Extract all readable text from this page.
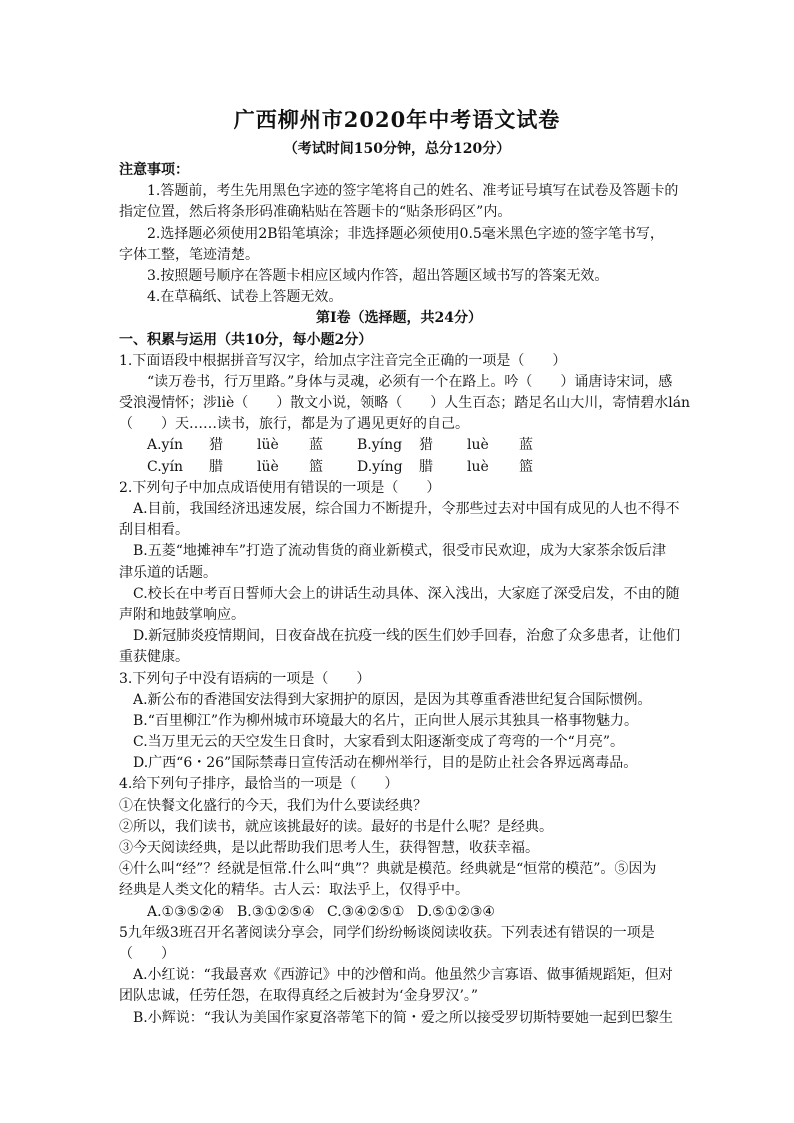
广西柳州市2020年中考语文试卷
（考试时间150分钟，总分120分）
注意事项：
1.答题前，考生先用黑色字迹的签字笔将自己的姓名、准考证号填写在试卷及答题卡的
指定位置，然后将条形码准确粘贴在答题卡的“贴条形码区”内。
2.选择题必须使用2B铅笔填涂；非选择题必须使用0.5毫米黑色字迹的签字笔书写，
字体工整，笔迹清楚。
3.按照题号顺序在答题卡相应区域内作答，超出答题区域书写的答案无效。
4.在草稿纸、试卷上答题无效。
第Ⅰ卷（选择题，共24分）
一、积累与运用（共10分，每小题2分）
1.下面语段中根据拼音写汉字，给加点字注音完全正确的一项是（　　）
“读万卷书，行万里路。”身体与灵魂，必须有一个在路上。吟（　　）诵唐诗宋词，感
受浪漫情怀；涉liè（　　）散文小说，领略（　　）人生百态；踏足名山大川，寄情碧水lán
（　　）天……读书，旅行，都是为了遇见更好的自己。
A.yín	猎	lüè	蓝 B.yíng	猎	luè	蓝
C.yín	腊	lüè	篮 D.yíng	腊	luè	篮
2.下列句子中加点成语使用有错误的一项是（　　）
A.目前，我国经济迅速发展，综合国力不断提升，令那些过去对中国有成见的人也不得不
刮目相看。
B.五菱“地摊神车”打造了流动售货的商业新模式，很受市民欢迎，成为大家茶余饭后津
津乐道的话题。
C.校长在中考百日誓师大会上的讲话生动具体、深入浅出，大家庭了深受启发，不由的随
声附和地鼓掌响应。
D.新冠肺炎疫情期间，日夜奋战在抗疫一线的医生们妙手回春，治愈了众多患者，让他们
重获健康。
3.下列句子中没有语病的一项是（　　）
A.新公布的香港国安法得到大家拥护的原因，是因为其尊重香港世纪复合国际惯例。
B.“百里柳江”作为柳州城市环境最大的名片，正向世人展示其独具一格事物魅力。
C.当万里无云的天空发生日食时，大家看到太阳逐渐变成了弯弯的一个“月亮”。
D.广西“6・26”国际禁毒日宣传活动在柳州举行，目的是防止社会各界远离毒品。
4.给下列句子排序，最恰当的一项是（　　）
①在快餐文化盛行的今天，我们为什么要读经典？
②所以，我们读书，就应该挑最好的读。最好的书是什么呢？是经典。
③今天阅读经典，是以此帮助我们思考人生，获得智慧，收获幸福。
④什么叫“经”？经就是恒常.什么叫“典”？典就是模范。经典就是“恒常的模范”。⑤因为
经典是人类文化的精华。古人云：取法乎上，仅得乎中。
A.①③⑤②④ B.③①②⑤④ C.③④②⑤① D.⑤①②③④
5九年级3班召开名著阅读分享会，同学们纷纷畅谈阅读收获。下列表述有错误的一项是
（　　）
A.小红说：“我最喜欢《西游记》中的沙僧和尚。他虽然少言寡语、做事循规蹈矩，但对
团队忠诚，任劳任怨，在取得真经之后被封为‘金身罗汉’。”
B.小辉说：“我认为美国作家夏洛蒂笔下的简・爱之所以接受罗切斯特要她一起到巴黎生
